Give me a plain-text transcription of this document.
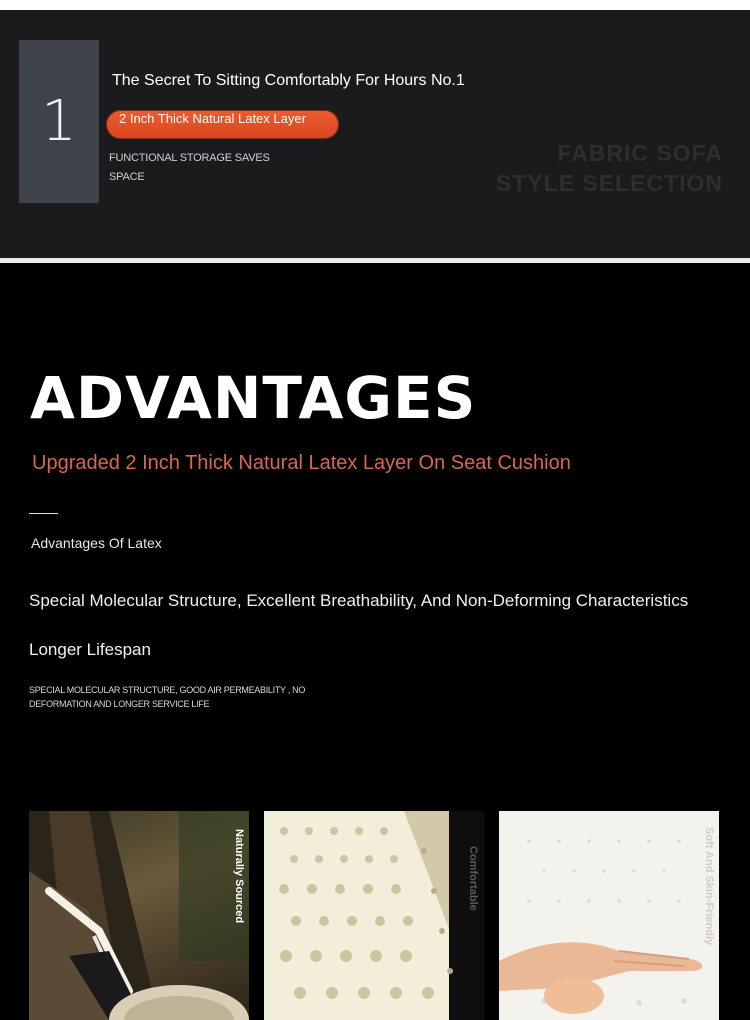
1
The Secret To Sitting Comfortably For Hours No.1
2 Inch Thick Natural Latex Layer
FUNCTIONAL STORAGE SAVES SPACE
FABRIC SOFA STYLE SELECTION
ADVANTAGES
Upgraded 2 Inch Thick Natural Latex Layer On Seat Cushion
Advantages Of Latex
Special Molecular Structure, Excellent Breathability, And Non-Deforming Characteristics
Longer Lifespan
SPECIAL MOLECULAR STRUCTURE, GOOD AIR PERMEABILITY , NO DEFORMATION AND LONGER SERVICE LIFE
Naturally Sourced	Comfortable	Soft And Skin-Friendly
